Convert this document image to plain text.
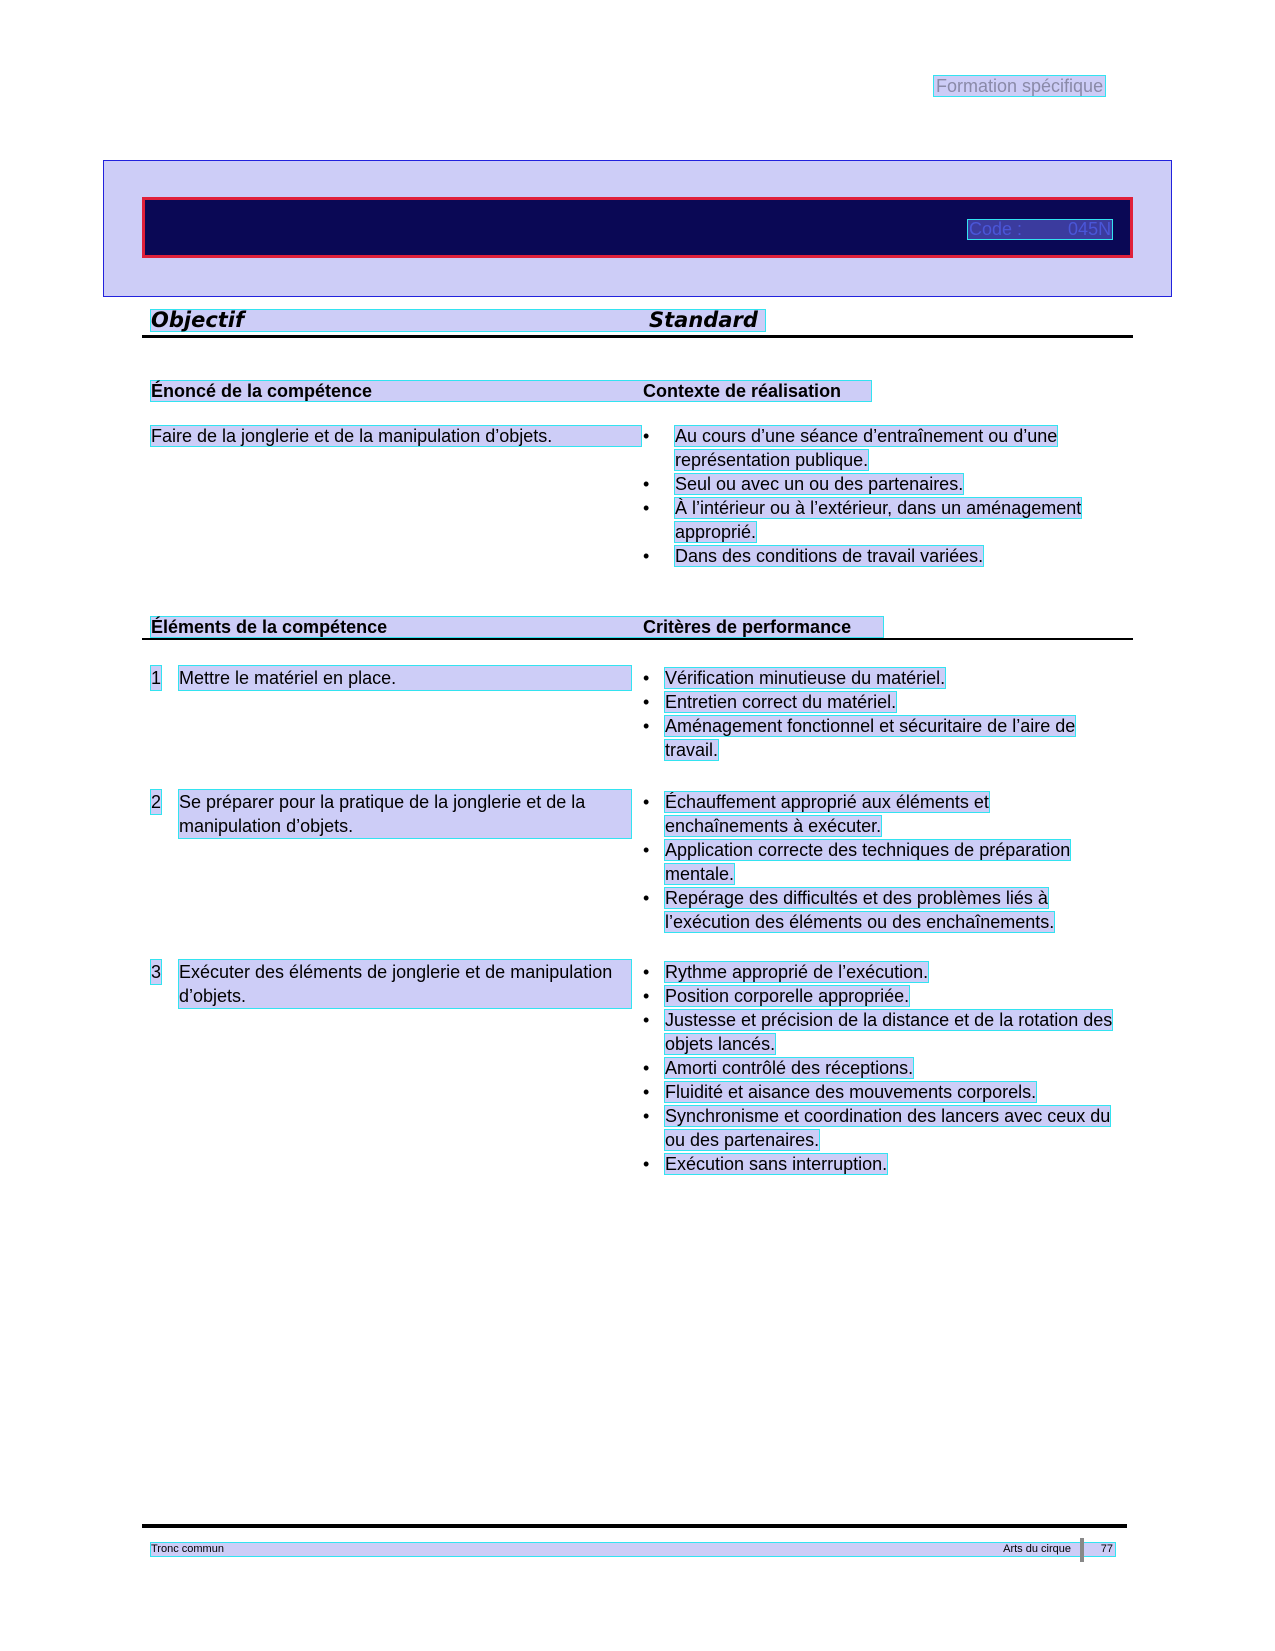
Formation spécifique
Code :	045N
Objectif	Standard
Énoncé de la compétence	Contexte de réalisation
Faire de la jonglerie et de la manipulation d’objets.	• Au cours d’une séance d’entraînement ou d’une représentation publique.
• Seul ou avec un ou des partenaires.
• À l’intérieur ou à l’extérieur, dans un aménagement approprié.
• Dans des conditions de travail variées.
Éléments de la compétence	Critères de performance
1 Mettre le matériel en place.	• Vérification minutieuse du matériel.
• Entretien correct du matériel.
• Aménagement fonctionnel et sécuritaire de l’aire de travail.
2 Se préparer pour la pratique de la jonglerie et de la manipulation d’objets.
• Échauffement approprié aux éléments et enchaînements à exécuter.
• Application correcte des techniques de préparation mentale.
• Repérage des difficultés et des problèmes liés à l’exécution des éléments ou des enchaînements.
3 Exécuter des éléments de jonglerie et de manipulation d’objets.
• Rythme approprié de l’exécution.
• Position corporelle appropriée.
• Justesse et précision de la distance et de la rotation des objets lancés.
• Amorti contrôlé des réceptions.
• Fluidité et aisance des mouvements corporels.
• Synchronisme et coordination des lancers avec ceux du ou des partenaires.
• Exécution sans interruption.
Tronc commun	Arts du cirque	77
